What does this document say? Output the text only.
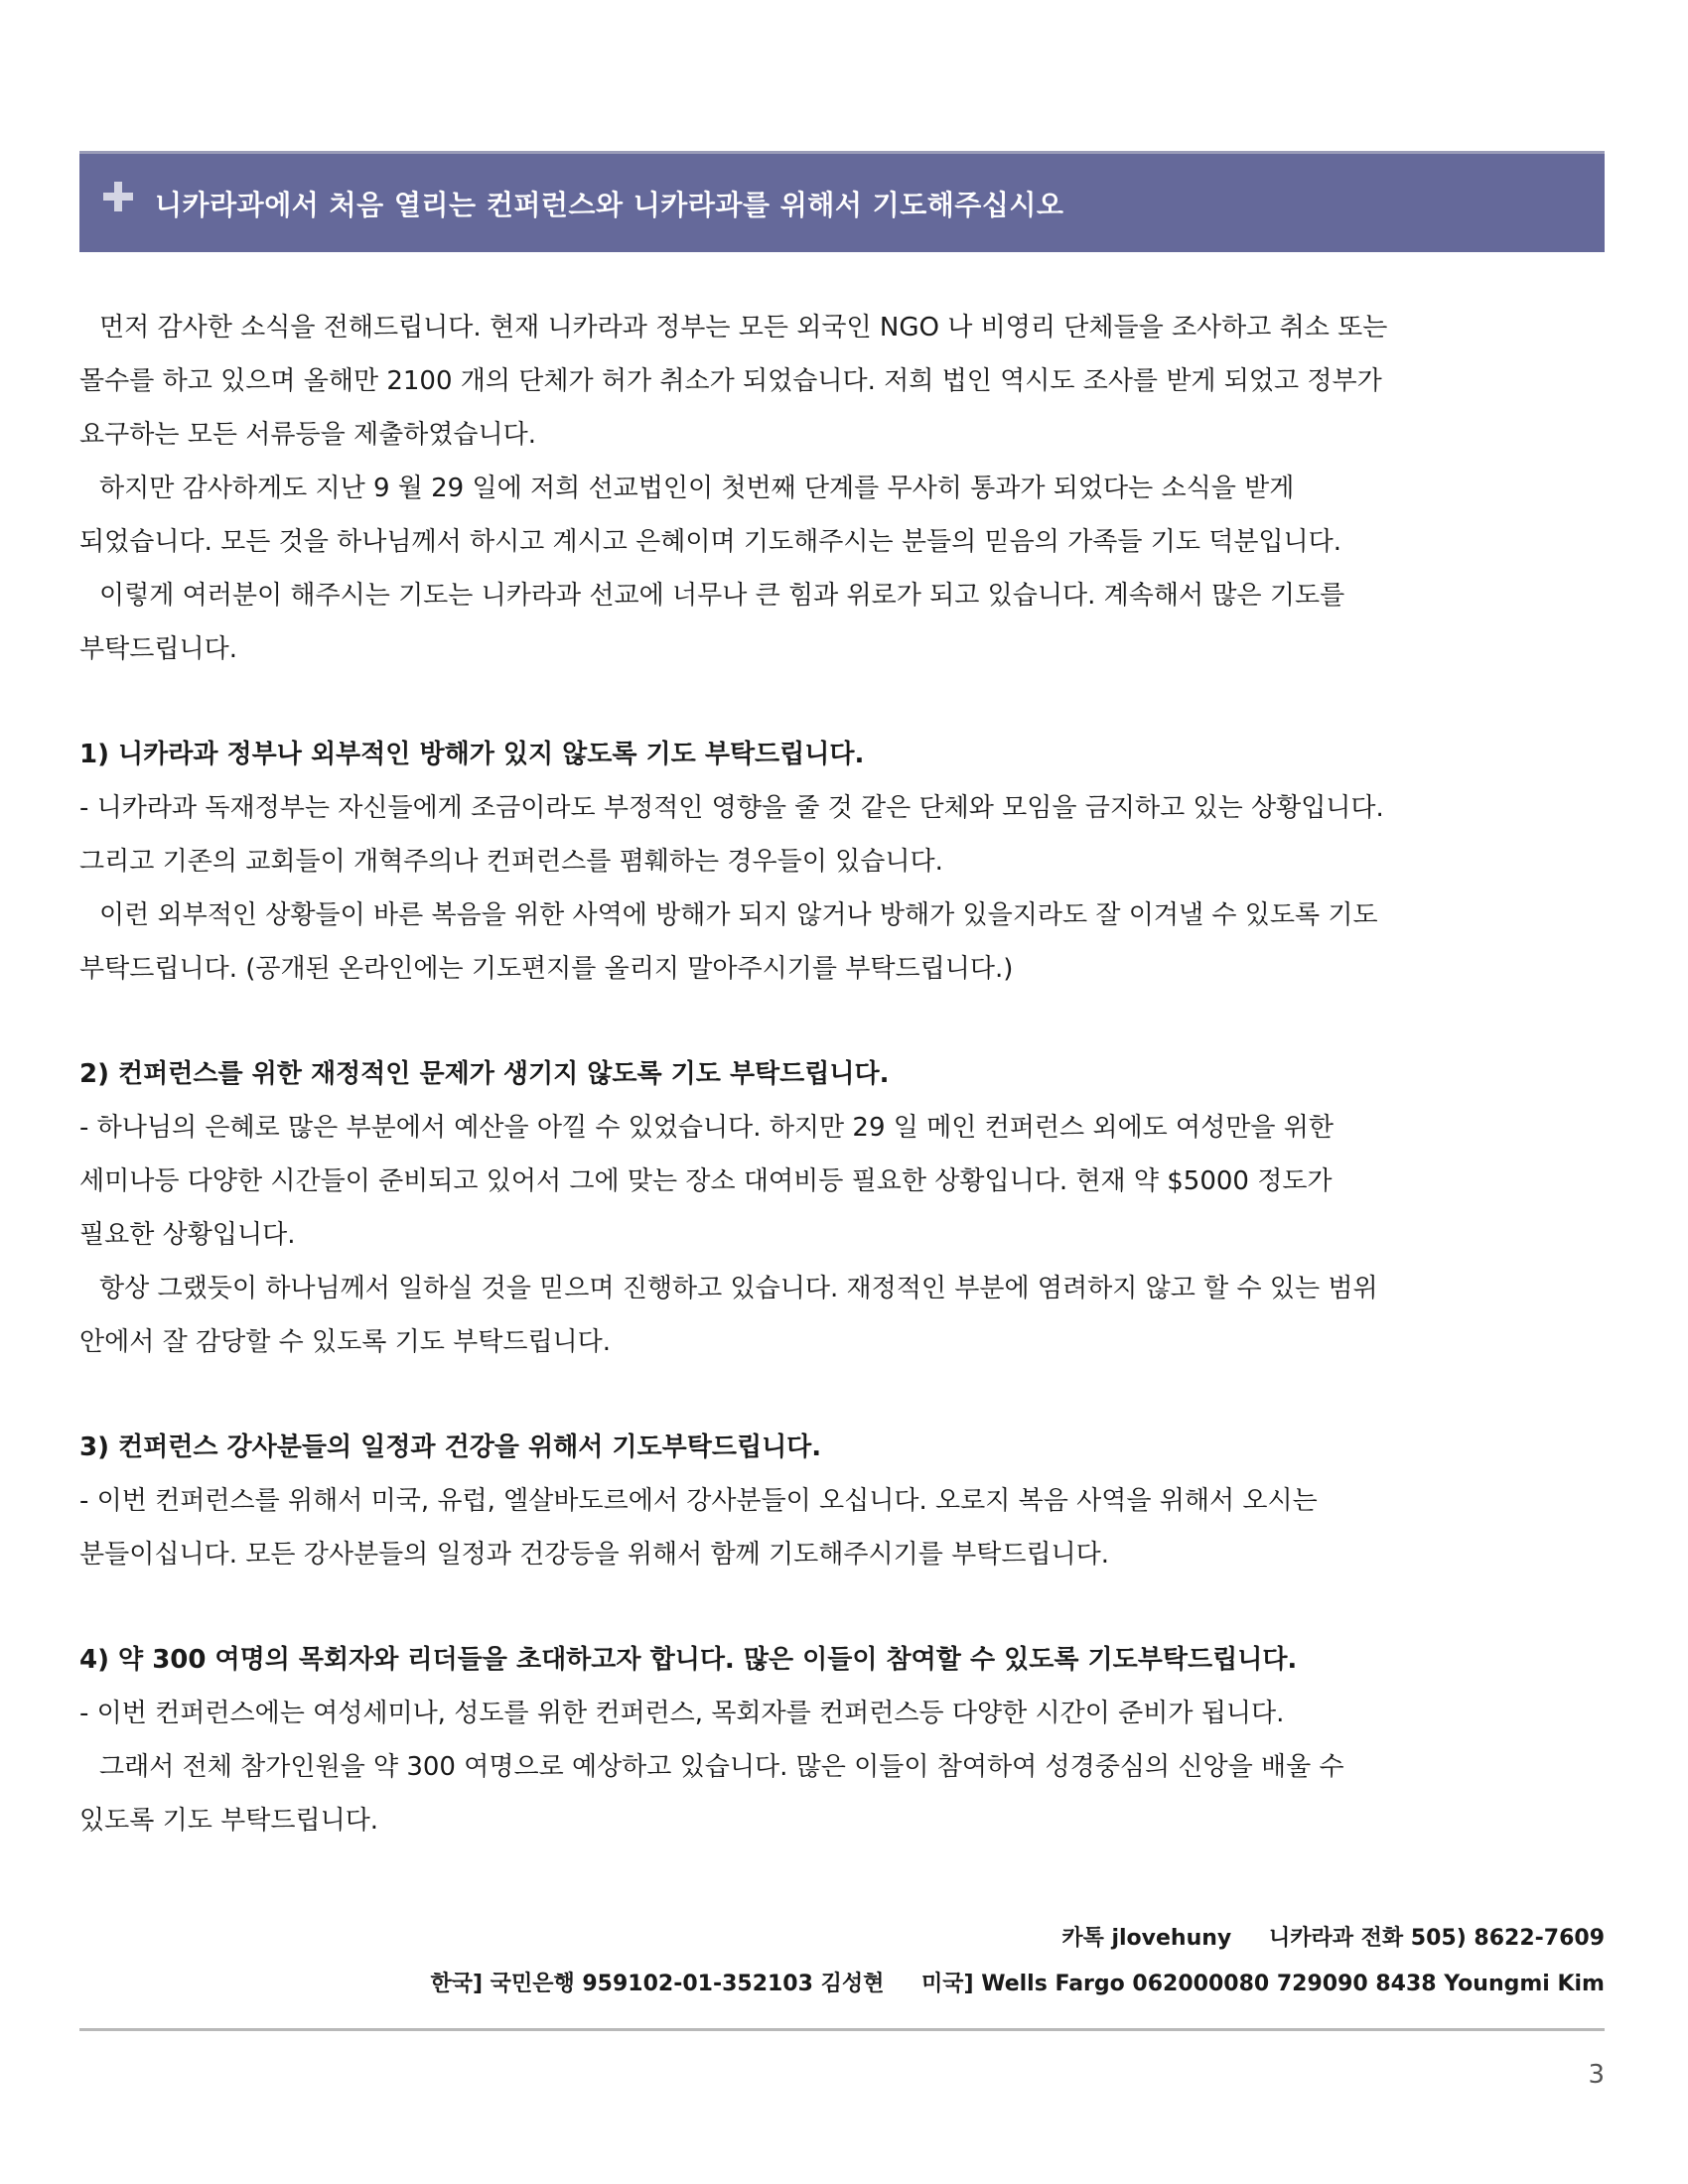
니카라과에서 처음 열리는 컨퍼런스와 니카라과를 위해서 기도해주십시오

먼저 감사한 소식을 전해드립니다. 현재 니카라과 정부는 모든 외국인 NGO 나 비영리 단체들을 조사하고 취소 또는

몰수를 하고 있으며 올해만 2100 개의 단체가 허가 취소가 되었습니다. 저희 법인 역시도 조사를 받게 되었고 정부가

요구하는 모든 서류등을 제출하였습니다.

하지만 감사하게도 지난 9 월 29 일에 저희 선교법인이 첫번째 단계를 무사히 통과가 되었다는 소식을 받게

되었습니다. 모든 것을 하나님께서 하시고 계시고 은혜이며 기도해주시는 분들의 믿음의 가족들 기도 덕분입니다.

이렇게 여러분이 해주시는 기도는 니카라과 선교에 너무나 큰 힘과 위로가 되고 있습니다. 계속해서 많은 기도를

부탁드립니다.

1) 니카라과 정부나 외부적인 방해가 있지 않도록 기도 부탁드립니다.

- 니카라과 독재정부는 자신들에게 조금이라도 부정적인 영향을 줄 것 같은 단체와 모임을 금지하고 있는 상황입니다.

그리고 기존의 교회들이 개혁주의나 컨퍼런스를 폄훼하는 경우들이 있습니다.

이런 외부적인 상황들이 바른 복음을 위한 사역에 방해가 되지 않거나 방해가 있을지라도 잘 이겨낼 수 있도록 기도

부탁드립니다. (공개된 온라인에는 기도편지를 올리지 말아주시기를 부탁드립니다.)

2) 컨퍼런스를 위한 재정적인 문제가 생기지 않도록 기도 부탁드립니다.

- 하나님의 은혜로 많은 부분에서 예산을 아낄 수 있었습니다. 하지만 29 일 메인 컨퍼런스 외에도 여성만을 위한

세미나등 다양한 시간들이 준비되고 있어서 그에 맞는 장소 대여비등 필요한 상황입니다. 현재 약 $5000 정도가

필요한 상황입니다.

항상 그랬듯이 하나님께서 일하실 것을 믿으며 진행하고 있습니다. 재정적인 부분에 염려하지 않고 할 수 있는 범위

안에서 잘 감당할 수 있도록 기도 부탁드립니다.

3) 컨퍼런스 강사분들의 일정과 건강을 위해서 기도부탁드립니다.

- 이번 컨퍼런스를 위해서 미국, 유럽, 엘살바도르에서 강사분들이 오십니다. 오로지 복음 사역을 위해서 오시는

분들이십니다. 모든 강사분들의 일정과 건강등을 위해서 함께 기도해주시기를 부탁드립니다.

4) 약 300 여명의 목회자와 리더들을 초대하고자 합니다. 많은 이들이 참여할 수 있도록 기도부탁드립니다.

- 이번 컨퍼런스에는 여성세미나, 성도를 위한 컨퍼런스, 목회자를 컨퍼런스등 다양한 시간이 준비가 됩니다.

그래서 전체 참가인원을 약 300 여명으로 예상하고 있습니다. 많은 이들이 참여하여 성경중심의 신앙을 배울 수

있도록 기도 부탁드립니다.

카톡 jlovehuny 니카라과 전화 505) 8622-7609
한국] 국민은행 959102-01-352103 김성현 미국] Wells Fargo 062000080 729090 8438 Youngmi Kim
3
